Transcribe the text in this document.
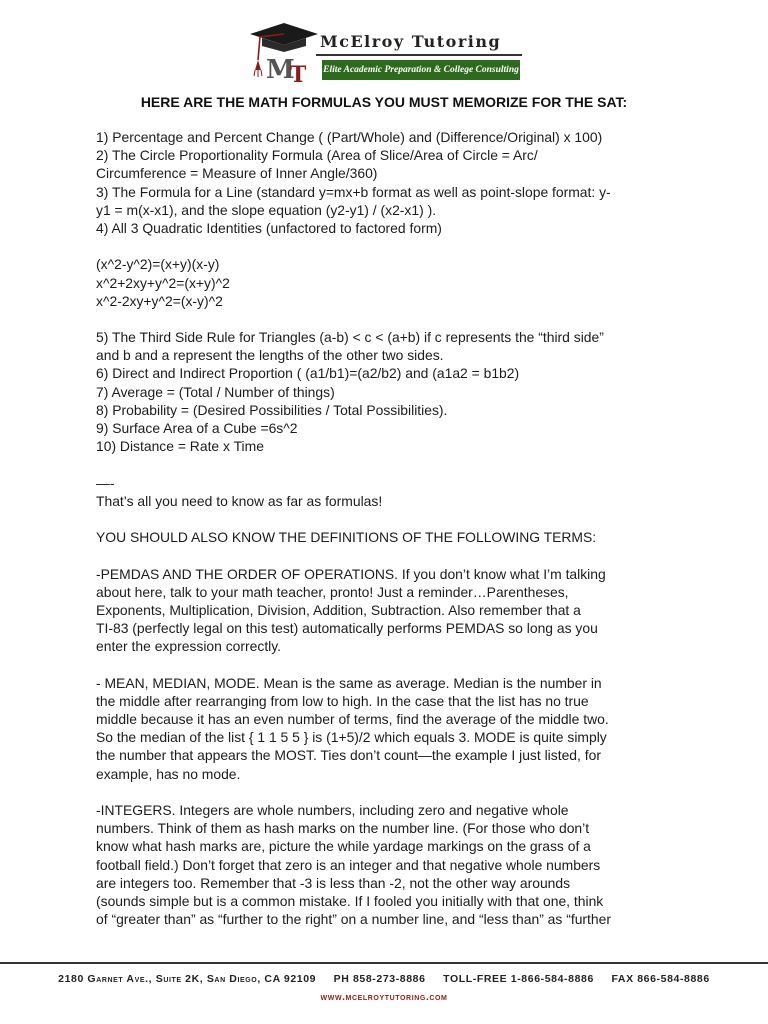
M
T
McElroy Tutoring
Elite Academic Preparation & College Consulting
HERE ARE THE MATH FORMULAS YOU MUST MEMORIZE FOR THE SAT:
1) Percentage and Percent Change ( (Part/Whole) and (Difference/Original) x 100)
2) The Circle Proportionality Formula (Area of Slice/Area of Circle = Arc/
Circumference = Measure of Inner Angle/360)
3) The Formula for a Line (standard y=mx+b format as well as point-slope format: y-
y1 = m(x-x1), and the slope equation (y2-y1) / (x2-x1) ).
4) All 3 Quadratic Identities (unfactored to factored form)
(x^2-y^2)=(x+y)(x-y)
x^2+2xy+y^2=(x+y)^2
x^2-2xy+y^2=(x-y)^2
5) The Third Side Rule for Triangles (a-b) < c < (a+b) if c represents the “third side”
and b and a represent the lengths of the other two sides.
6) Direct and Indirect Proportion ( (a1/b1)=(a2/b2) and (a1a2 = b1b2)
7) Average = (Total / Number of things)
8) Probability = (Desired Possibilities / Total Possibilities).
9) Surface Area of a Cube =6s^2
10) Distance = Rate x Time
—-
That’s all you need to know as far as formulas!
YOU SHOULD ALSO KNOW THE DEFINITIONS OF THE FOLLOWING TERMS:
-PEMDAS AND THE ORDER OF OPERATIONS. If you don’t know what I’m talking
about here, talk to your math teacher, pronto! Just a reminder…Parentheses,
Exponents, Multiplication, Division, Addition, Subtraction. Also remember that a
TI-83 (perfectly legal on this test) automatically performs PEMDAS so long as you
enter the expression correctly.
- MEAN, MEDIAN, MODE. Mean is the same as average. Median is the number in
the middle after rearranging from low to high. In the case that the list has no true
middle because it has an even number of terms, find the average of the middle two.
So the median of the list { 1 1 5 5 } is (1+5)/2 which equals 3. MODE is quite simply
the number that appears the MOST. Ties don’t count—the example I just listed, for
example, has no mode.
-INTEGERS. Integers are whole numbers, including zero and negative whole
numbers. Think of them as hash marks on the number line. (For those who don’t
know what hash marks are, picture the while yardage markings on the grass of a
football field.) Don’t forget that zero is an integer and that negative whole numbers
are integers too. Remember that -3 is less than -2, not the other way arounds
(sounds simple but is a common mistake. If I fooled you initially with that one, think
of “greater than” as “further to the right” on a number line, and “less than” as “further
2180 Garnet Ave., Suite 2K, San Diego, CA 92109     PH 858-273-8886     TOLL-FREE 1-866-584-8886     FAX 866-584-8886
www.mcelroytutoring.com
